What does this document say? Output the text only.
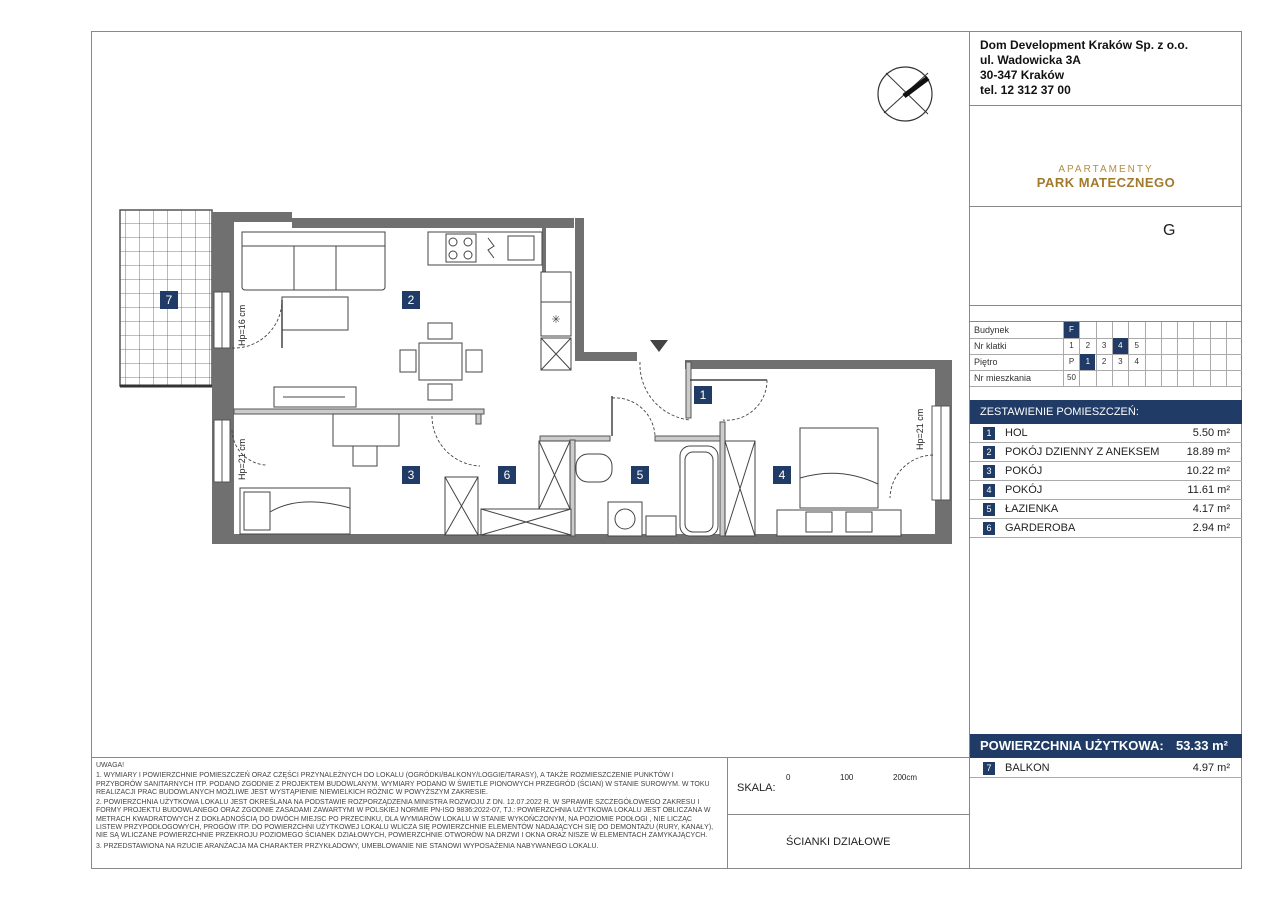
✳
1
2
3	4
5
6
7
Hp=16 cm
Hp=21 cm
Hp=21 cm
Dom Development Kraków Sp. z o.o.
ul. Wadowicka 3A
30-347 Kraków
tel. 12 312 37 00
DOM
DEVELOPMENT
APARTAMENTY
PARK MATECZNEGO
G
Budynek	F
Nr klatki	1	2	3	4	5
Piętro	P	1	2	3	4
Nr mieszkania	50
ZESTAWIENIE POMIESZCZEŃ:
1	HOL	5.50 m²
2	POKÓJ DZIENNY Z ANEKSEM 18.89 m²
3	POKÓJ	10.22 m²
4	POKÓJ	11.61 m²
5	ŁAZIENKA	4.17 m²
6	GARDEROBA	2.94 m²
POWIERZCHNIA UŻYTKOWA: 53.33 m²
7	BALKON	4.97 m²

UWAGA!

1. WYMIARY I POWIERZCHNIE POMIESZCZEŃ ORAZ CZĘŚCI PRZYNALEŻNYCH DO LOKALU (OGRÓDKI/BALKONY/LOGGIE/TARASY), A TAKŻE ROZMIESZCZENIE PUNKTÓW I PRZYBORÓW SANITARNYCH ITP. PODANO ZGODNIE Z PROJEKTEM BUDOWLANYM. WYMIARY PODANO W ŚWIETLE PIONOWYCH PRZEGRÓD (ŚCIAN) W STANIE SUROWYM. W TOKU REALIZACJI PRAC BUDOWLANYCH MOŻLIWE JEST WYSTĄPIENIE NIEWIELKICH RÓŻNIC W POWYŻSZYM ZAKRESIE.

2. POWIERZCHNIA UŻYTKOWA LOKALU JEST OKREŚLANA NA PODSTAWIE ROZPORZĄDZENIA MINISTRA ROZWOJU Z DN. 12.07.2022 R. W SPRAWIE SZCZEGÓŁOWEGO ZAKRESU I FORMY PROJEKTU BUDOWLANEGO ORAZ ZGODNIE ZASADAMI ZAWARTYMI W POLSKIEJ NORMIE PN-ISO 9836:2022-07, TJ.: POWIERZCHNIA UŻYTKOWA LOKALU JEST OBLICZANA W METRACH KWADRATOWYCH Z DOKŁADNOŚCIĄ DO DWÓCH MIEJSC PO PRZECINKU, DLA WYMIARÓW LOKALU W STANIE WYKOŃCZONYM, NA POZIOMIE PODŁOGI , NIE LICZĄC LISTEW PRZYPODŁOGOWYCH, PROGÓW ITP. DO POWIERZCHNI UŻYTKOWEJ LOKALU WLICZA SIĘ POWIERZCHNIE ELEMENTÓW NADAJĄCYCH SIĘ DO DEMONTAŻU (RURY, KANAŁY), NIE SĄ WLICZANE POWIERZCHNIE PRZEKROJU POZIOMEGO ŚCIANEK DZIAŁOWYCH, POWIERZCHNIE OTWORÓW NA DRZWI I OKNA ORAZ NISZE W ELEMENTACH ZAMYKAJĄCYCH.

3. PRZEDSTAWIONA NA RZUCIE ARANŻACJA MA CHARAKTER PRZYKŁADOWY, UMEBLOWANIE NIE STANOWI WYPOSAŻENIA NABYWANEGO LOKALU.

SKALA:
0	100	200cm
ŚCIANKI DZIAŁOWE
